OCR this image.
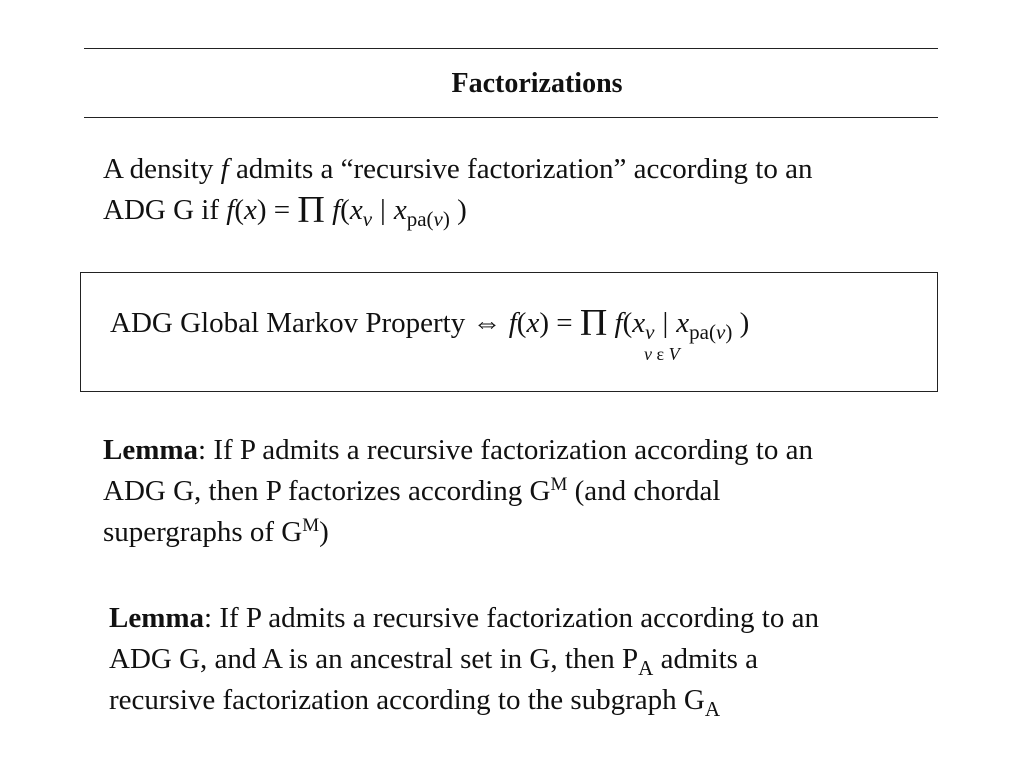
Factorizations
A density f admits a “recursive factorization” according to an
ADG G if f(x) = Π $f(x_v$ | $x_{pa(v)}$ )
ADG Global Markov Property ⇔ f(x) = Π $f(x_v$ | $x_{pa(v)}$ )
v ε V
Lemma: If P admits a recursive factorization according to an
ADG G, then P factorizes according $G^M$ (and chordal
supergraphs of $G^M$)
Lemma: If P admits a recursive factorization according to an
ADG G, and A is an ancestral set in G, then $P_A$ admits a
recursive factorization according to the subgraph $G_A$
